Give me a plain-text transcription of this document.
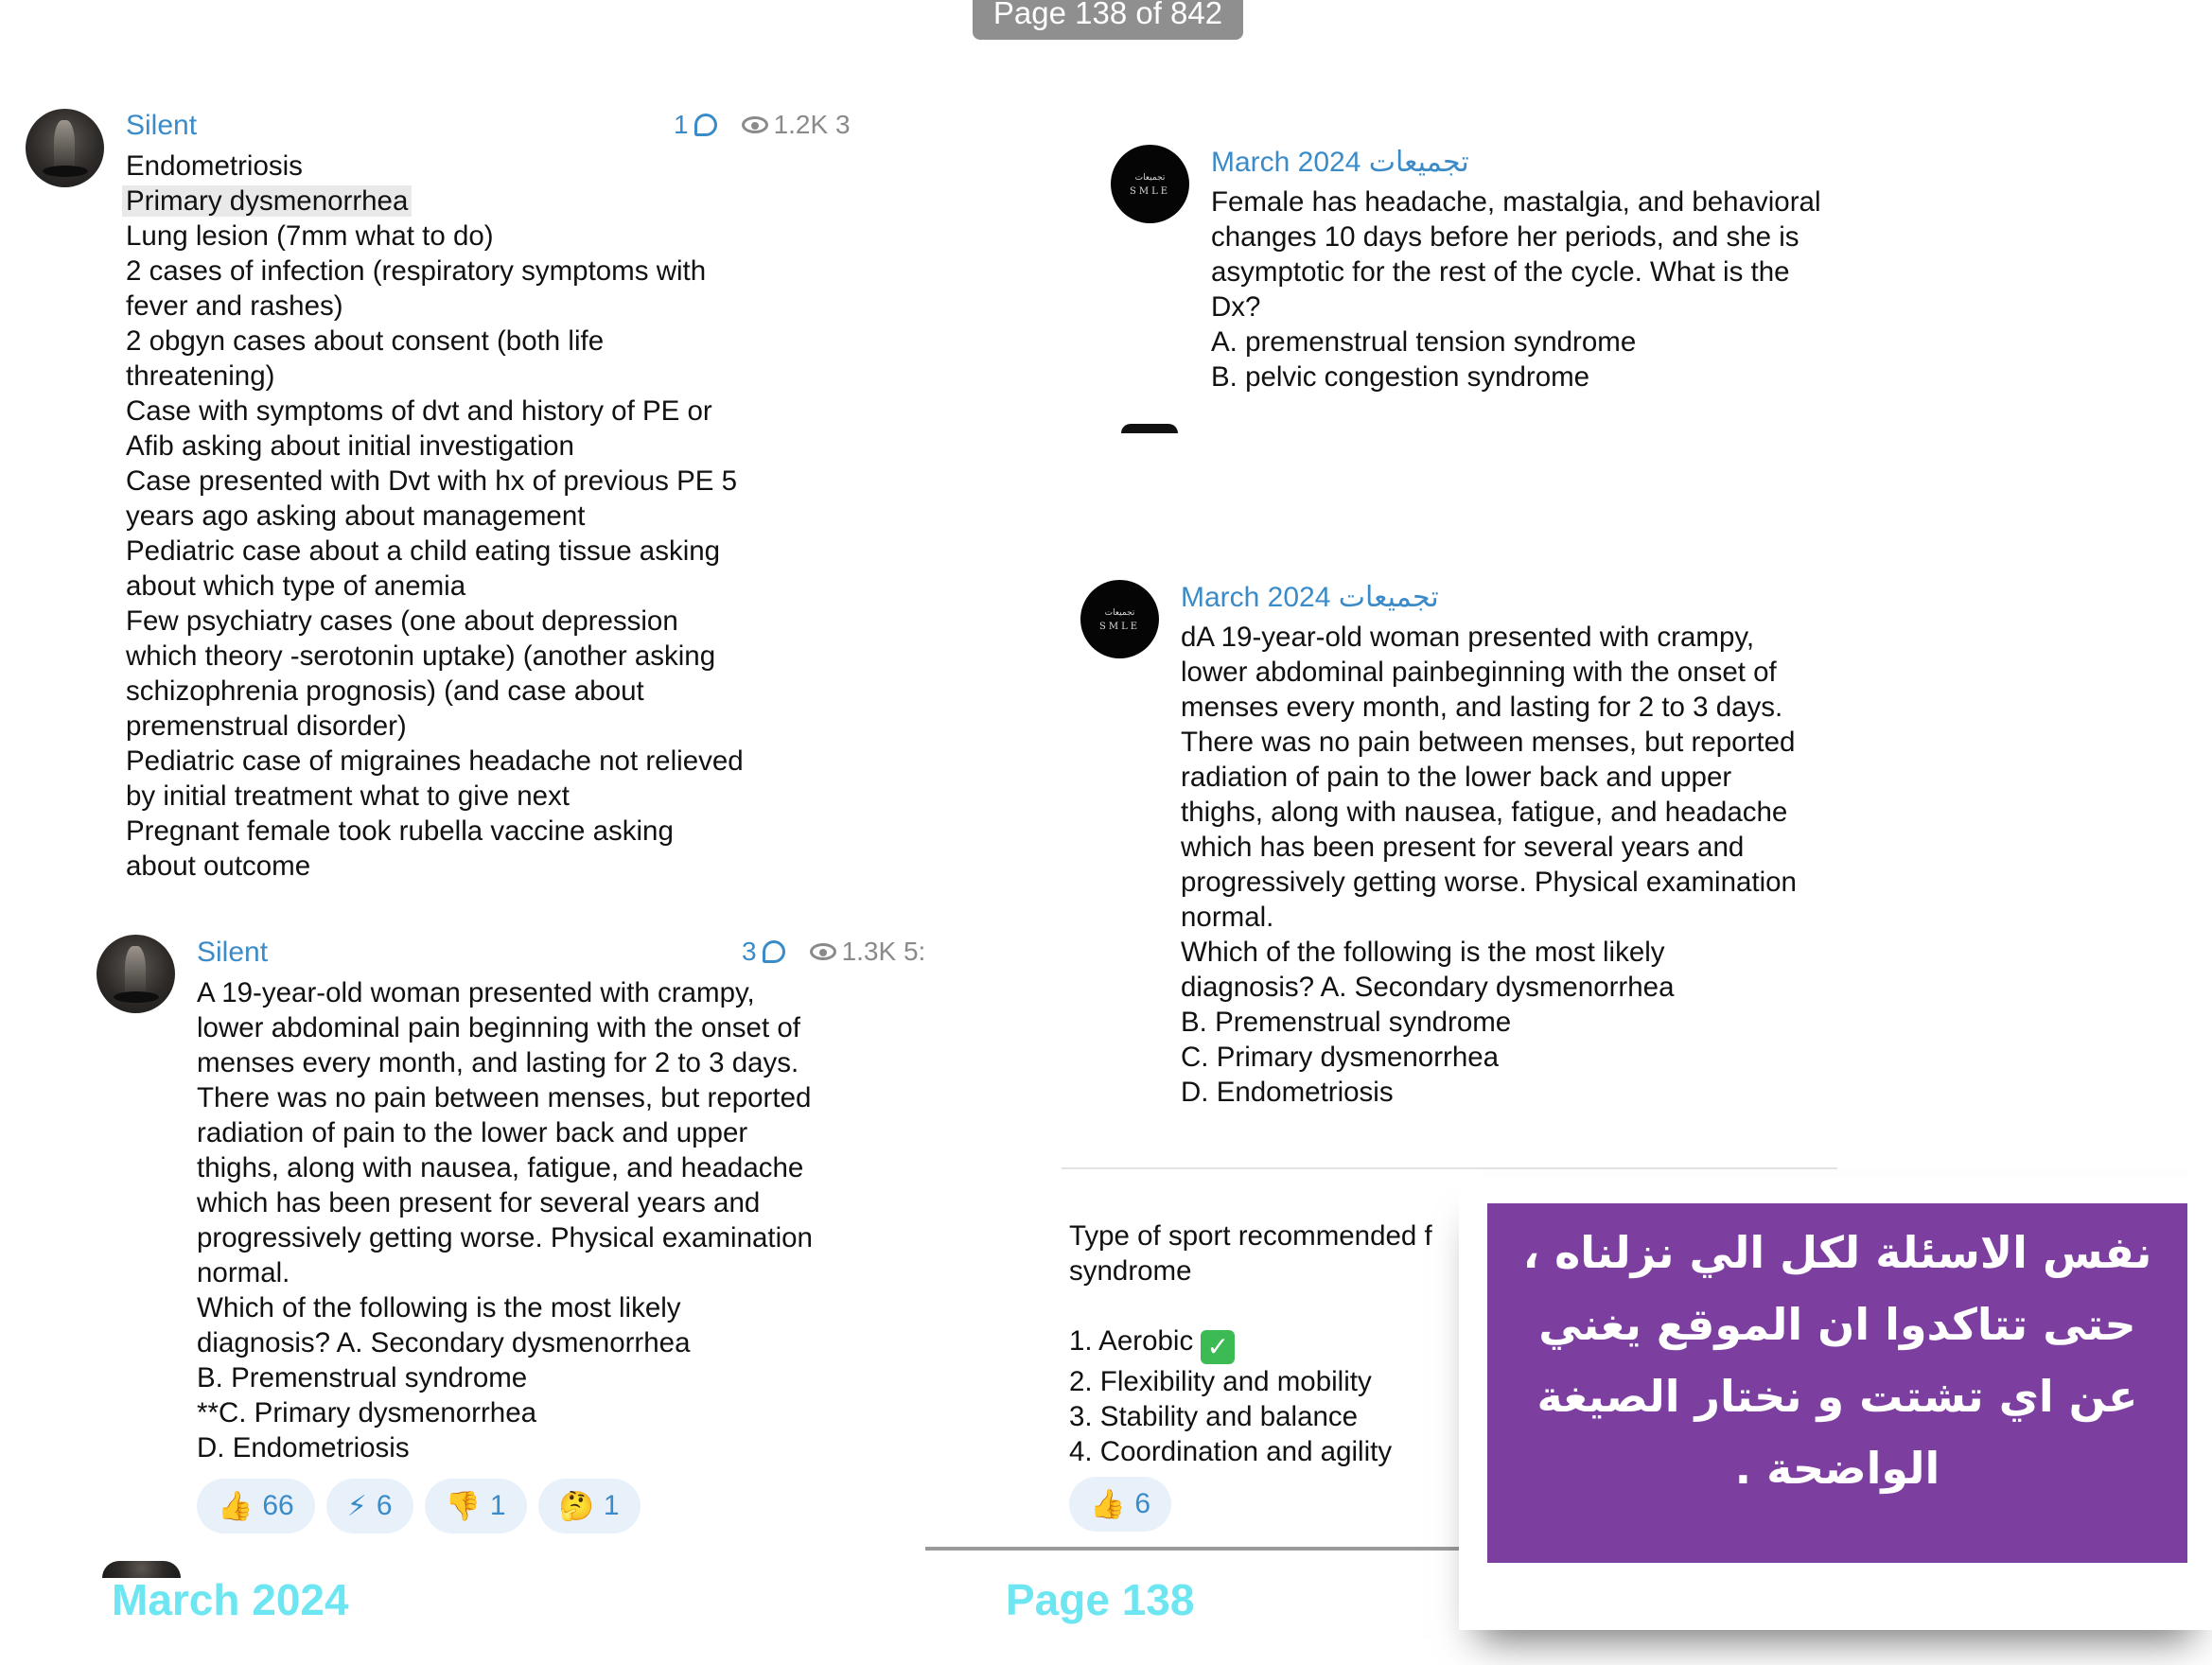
Page 138 of 842
Silent	1	1.2K 3
Endometriosis
Primary dysmenorrhea
Lung lesion (7mm what to do)
2 cases of infection (respiratory symptoms with
fever and rashes)
2 obgyn cases about consent (both life
threatening)
Case with symptoms of dvt and history of PE or
Afib asking about initial investigation
Case presented with Dvt with hx of previous PE 5
years ago asking about management
Pediatric case about a child eating tissue asking
about which type of anemia
Few psychiatry cases (one about depression
which theory -serotonin uptake) (another asking
schizophrenia prognosis) (and case about
premenstrual disorder)
Pediatric case of migraines headache not relieved
by initial treatment what to give next
Pregnant female took rubella vaccine asking
about outcome
Silent	3	1.3K 5:
A 19-year-old woman presented with crampy,
lower abdominal pain beginning with the onset of
menses every month, and lasting for 2 to 3 days.
There was no pain between menses, but reported
radiation of pain to the lower back and upper
thighs, along with nausea, fatigue, and headache
which has been present for several years and
progressively getting worse. Physical examination
normal.
Which of the following is the most likely
diagnosis? A. Secondary dysmenorrhea
B. Premenstrual syndrome
**C. Primary dysmenorrhea
D. Endometriosis
👍 66 ⚡ 6 👎 1 🤔 1
تجميعات
SMLE
March 2024 تجميعات
Female has headache, mastalgia, and behavioral
changes 10 days before her periods, and she is
asymptotic for the rest of the cycle. What is the
Dx?
A. premenstrual tension syndrome
B. pelvic congestion syndrome
تجميعات
SMLE
March 2024 تجميعات
dA 19-year-old woman presented with crampy,
lower abdominal painbeginning with the onset of
menses every month, and lasting for 2 to 3 days.
There was no pain between menses, but reported
radiation of pain to the lower back and upper
thighs, along with nausea, fatigue, and headache
which has been present for several years and
progressively getting worse. Physical examination
normal.
Which of the following is the most likely
diagnosis? A. Secondary dysmenorrhea
B. Premenstrual syndrome
C. Primary dysmenorrhea
D. Endometriosis
Type of sport recommended f
syndrome
1. Aerobic ✓
2. Flexibility and mobility
3. Stability and balance
4. Coordination and agility
👍 6
March 2024	Page 138
نفس الاسئلة لكل الي نزلناه ،
حتى تتاكدوا ان الموقع يغني
عن اي تشتت و نختار الصيغة
الواضحة .
